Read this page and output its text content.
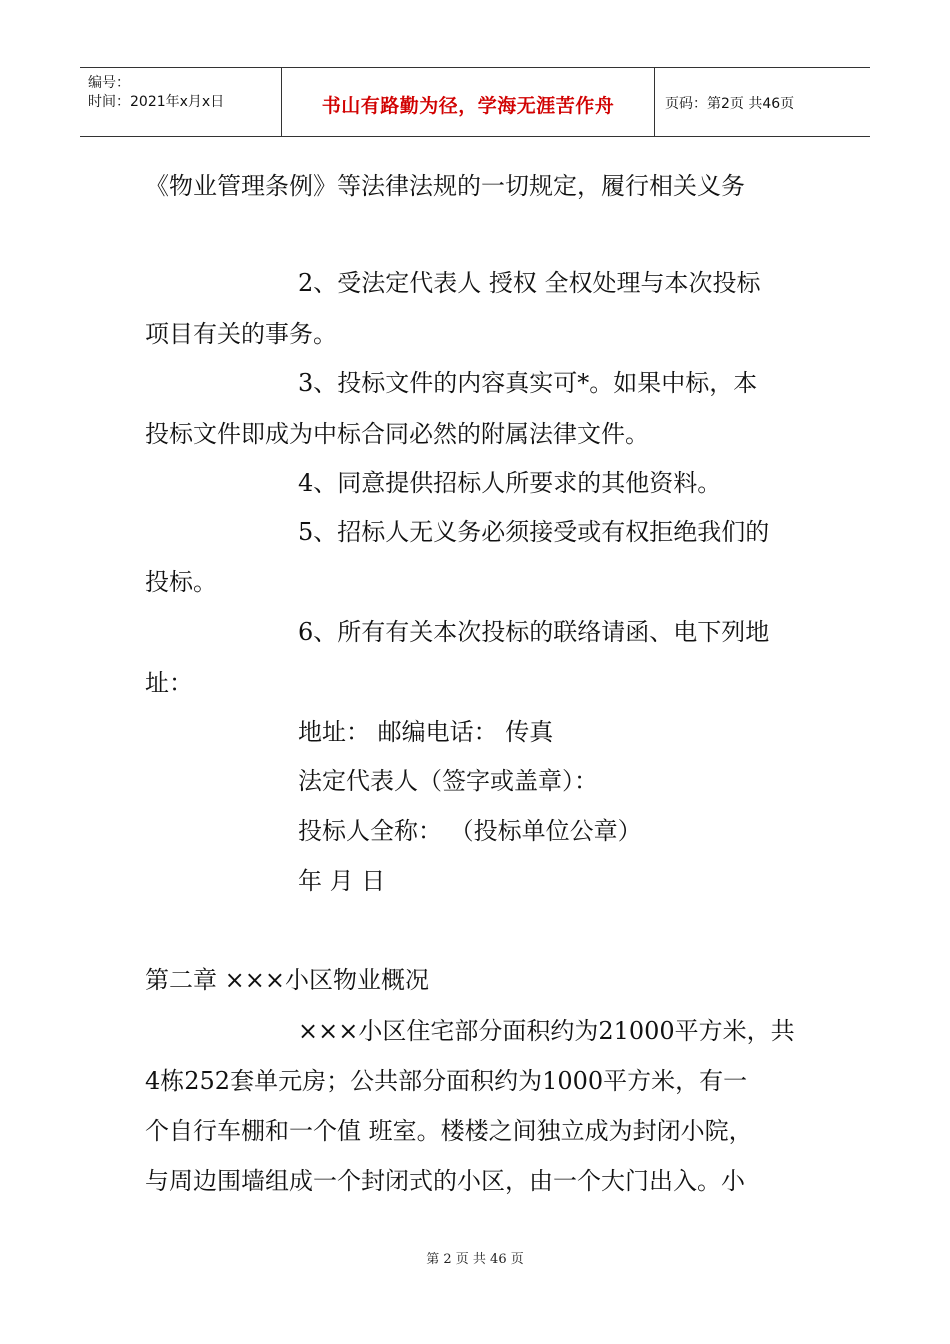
编号：
时间：2021年x月x日	书山有路勤为径，学海无涯苦作舟	页码：第2页 共46页
《物业管理条例》等法律法规的一切规定，履行相关义务
2、受法定代表人 授权 全权处理与本次投标
项目有关的事务。
3、投标文件的内容真实可*。如果中标，本
投标文件即成为中标合同必然的附属法律文件。
4、同意提供招标人所要求的其他资料。
5、招标人无义务必须接受或有权拒绝我们的
投标。
6、所有有关本次投标的联络请函、电下列地
址：
地址： 邮编电话： 传真
法定代表人（签字或盖章）：
投标人全称： （投标单位公章）
年 月 日
第二章 ×××小区物业概况
×××小区住宅部分面积约为21000平方米，共
4栋252套单元房；公共部分面积约为1000平方米，有一
个自行车棚和一个值 班室。楼楼之间独立成为封闭小院，
与周边围墙组成一个封闭式的小区，由一个大门出入。小
第 2 页 共 46 页
